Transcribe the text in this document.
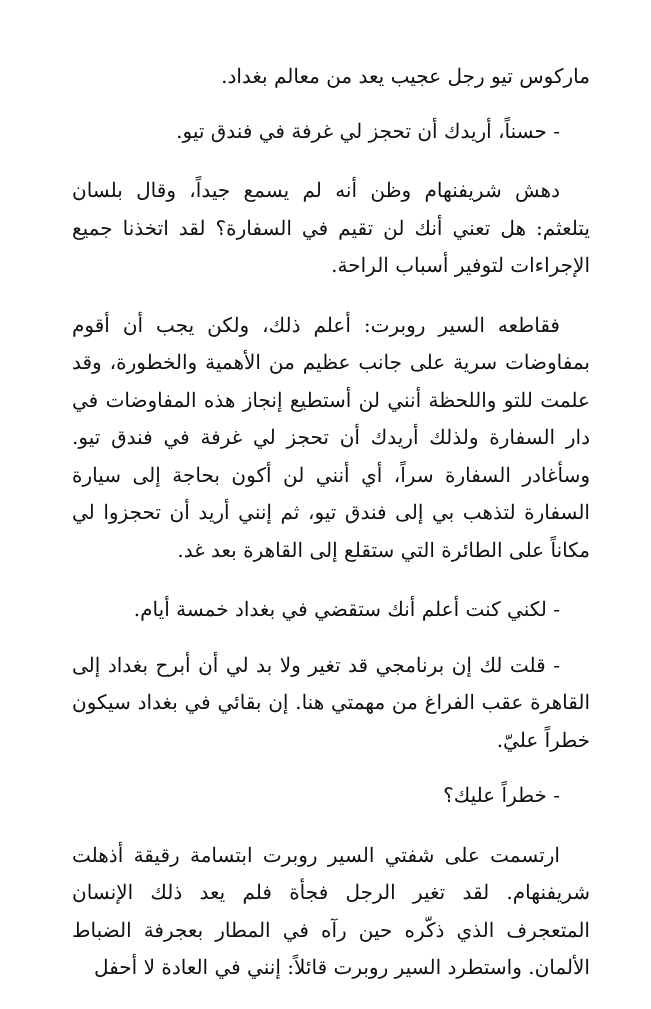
ماركوس تيو رجل عجيب يعد من معالم بغداد.

- حسناً، أريدك أن تحجز لي غرفة في فندق تيو.

دهش شريفنهام وظن أنه لم يسمع جيداً، وقال بلسان يتلعثم: هل تعني أنك لن تقيم في السفارة؟ لقد اتخذنا جميع الإجراءات لتوفير أسباب الراحة.

فقاطعه السير روبرت: أعلم ذلك، ولكن يجب أن أقوم بمفاوضات سرية على جانب عظيم من الأهمية والخطورة، وقد علمت للتو واللحظة أنني لن أستطيع إنجاز هذه المفاوضات في دار السفارة ولذلك أريدك أن تحجز لي غرفة في فندق تيو. وسأغادر السفارة سراً، أي أنني لن أكون بحاجة إلى سيارة السفارة لتذهب بي إلى فندق تيو، ثم إنني أريد أن تحجزوا لي مكاناً على الطائرة التي ستقلع إلى القاهرة بعد غد.

- لكني كنت أعلم أنك ستقضي في بغداد خمسة أيام.

- قلت لك إن برنامجي قد تغير ولا بد لي أن أبرح بغداد إلى القاهرة عقب الفراغ من مهمتي هنا. إن بقائي في بغداد سيكون خطراً عليّ.

- خطراً عليك؟

ارتسمت على شفتي السير روبرت ابتسامة رقيقة أذهلت شريفنهام. لقد تغير الرجل فجأة فلم يعد ذلك الإنسان المتعجرف الذي ذكّره حين رآه في المطار بعجرفة الضباط الألمان. واستطرد السير روبرت قائلاً: إنني في العادة لا أحفل
